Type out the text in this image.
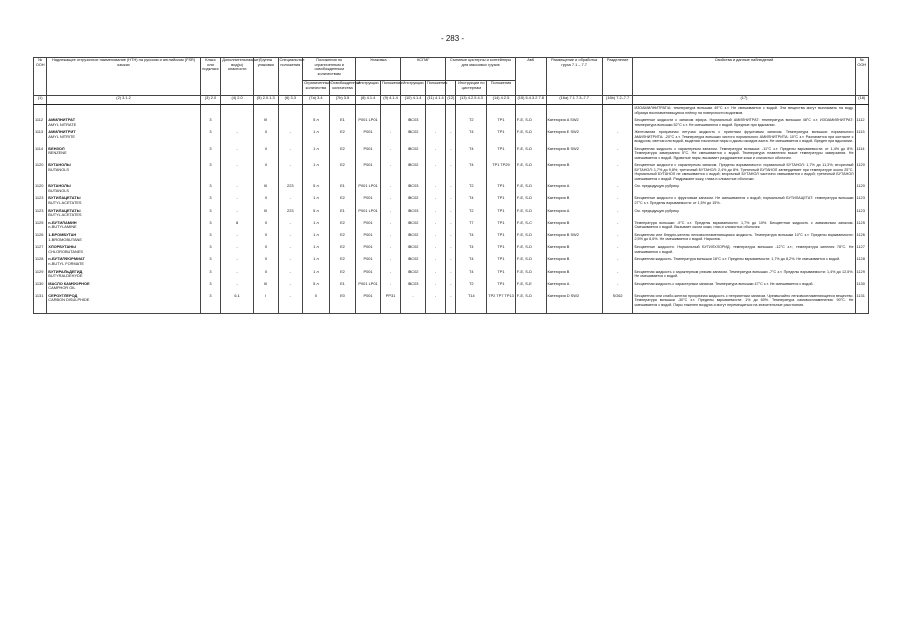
- 283 -
№ ООН	Надлежащее отгрузочное наименование (НТН) на русском и английском (FSR) языках	Класс или подкласс	Дополнительная(ые) вид(ы) опасности	Группа упаковки	Специальные положения	Положения по ограниченным и освобожденным количествам		Упаковка		КСГМГ		Съемные цистерны и контейнеры для массовых грузов			АвК	Размещение и обработка груза 7.1 – 7.7	Разделение	Свойства и данные наблюдений	№ ООН
						Ограниченные количества	Освобожденные количества	Инструкции	Положения	Инструкции	Положения		Инструкции по цистернам	Положения					
(1)	(2) 3.1.2	(3) 2.0	(4) 2.0	(5) 2.0.1.3	(6) 3.3	(7a) 3.4	(7b) 3.5	(8) 4.1.4	(9) 4.1.4	(10) 4.1.4	(11) 4.1.4	(12)	(13) 4.2.5 4.3	(14) 4.2.5	(15) 5.4.3.2 7.8	(16a) 7.1 7.3–7.7	(16b) 7.2–7.7	(17)	(18)

																	ИЗОАМИЛНИТРАТ/А: температура вспышки 49°С з.т. Не смешивается с водой. Эти вещества могут выплывать на воду, образуя воспламеняющуюся плёнку на поверхности водоемов.	
1112	АМИЛНИТРАТ
AMYL NITRATE	3		III		5 л	E1	P001 LP01		IBC03			T2	TP1	F-E, S-D	Категория A SW2		Бесцветные жидкости с запахом эфира. Нормальный АМИЛНИТРАТ: температура вспышки 48°С з.т. ИЗОАМИЛНИТРАТ: температура вспышки 52°С з.т. Не смешиваются с водой. Вредные при вдыхании.	1112
1113	АМИЛНИТРИТ
AMYL NITRITE	3	-	II	-	1 л	E2	P001	-	IBC02	-	-	T4	TP1	F-E, S-D	Категория E SW2	-	Желтоватая прозрачная летучая жидкость с приятным фруктовым запахом. Температура вспышки: нормального АМИЛНИТРИТА: -20°С з.т. Температура вспышки чистого нормального АМИЛНИТРИТА: 10°С з.т. Разлагается при контакте с воздухом, светом или водой, выделяя токсичные пары и дымы оксидов азота. Не смешивается с водой. Вреден при вдыхании.	1113
1114	БЕНЗОЛ
BENZENE	3	-	II	-	1 л	E2	P001	-	IBC02	-	-	T4	TP1	F-E, S-D	Категория B SW2	-	Бесцветная жидкость с характерным запахом. Температура вспышки: -11°С з.т. Пределы взрываемости: от 1,4% до 8%. Температура замерзания 5°С. Не смешивается с водой. Температура плавления выше температуры замерзания. Не смешивается с водой. Ядовитые пары; вызывает раздражение кожи и слизистых оболочек.	1114
1120	БУТАНОЛЫ
BUTANOLS	3	-	II	-	1 л	E2	P001	-	IBC02	-	-	T4	TP1 TP29	F-E, S-D	Категория B	-	Бесцветные жидкости с характерным запахом. Пределы взрываемости: нормальный БУТАНОЛ: 1,7% до 11,3%; вторичный БУТАНОЛ: 1,7% до 9,8%; третичный БУТАНОЛ: 2,4% до 8%. Третичный БУТАНОЛ затвердевает при температуре около 25°С. Нормальный БУТАНОЛ не смешивается с водой; вторичный БУТАНОЛ частично смешивается с водой; третичный БУТАНОЛ смешивается с водой. Раздражают кожу, глаза и слизистые оболочки.	1120
1120	БУТАНОЛЫ
BUTANOLS	3	-	III	223	5 л	E1	P001 LP01	-	IBC03	-	-	T2	TP1	F-E, S-D	Категория A	-	См. предыдущую рубрику.	1120
1123	БУТИЛАЦЕТАТЫ
BUTYL ACETATES	3	-	II	-	1 л	E2	P001	-	IBC02	-	-	T4	TP1	F-E, S-D	Категория B	-	Бесцветные жидкости с фруктовым запахом. Не смешиваются с водой; нормальный БУТИЛАЦЕТАТ: температура вспышки 27°С з.т. Пределы взрываемости: от 1,5% до 15%.	1123
1123	БУТИЛАЦЕТАТЫ
BUTYL ACETATES	3	-	III	223	5 л	E1	P001 LP01	-	IBC03	-	-	T2	TP1	F-E, S-D	Категория A	-	См. предыдущую рубрику.	1123
1125	н-БУТИЛАМИН
n-BUTYLAMINE	3	8	II	-	1 л	E2	P001	-	IBC02	-	-	T7	TP1	F-E, S-C	Категория B	-	Температура вспышки -9°С з.т. Пределы взрываемости: 1,7% до 10%. Бесцветная жидкость с аммиачным запахом. Смешивается с водой. Вызывает ожоги кожи, глаз и слизистых оболочек.	1125
1126	1-БРОМБУТАН
1-BROMOBUTANE	3	-	II	-	1 л	E2	P001	-	IBC02	-	-	T4	TP1	F-E, S-D	Категория B SW2	-	Бесцветная или бледно-желтая легковоспламеняющаяся жидкость. Температура вспышки 10°С з.т. Пределы взрываемости: 2,5% до 6,6%. Не смешивается с водой. Наркотик.	1126
1127	ХЛОРБУТАНЫ
CHLOROBUTANES	3	-	II	-	1 л	E2	P001	-	IBC02	-	-	T4	TP1	F-E, S-D	Категория B	-	Бесцветные жидкости. Нормальный БУТИЛХЛОРИД: температура вспышки -12°С з.т.; температура кипения 78°С. Не смешиваются с водой.	1127
1128	н-БУТИЛФОРМИАТ
n-BUTYL FORMATE	3	-	II	-	1 л	E2	P001	-	IBC02	-	-	T4	TP1	F-E, S-D	Категория B	-	Бесцветная жидкость. Температура вспышки 18°С з.т. Пределы взрываемости: 1,7% до 8,2%. Не смешивается с водой.	1128
1129	БУТИРАЛЬДЕГИД
BUTYRALDEHYDE	3	-	II	-	1 л	E2	P001	-	IBC02	-	-	T4	TP1	F-E, S-D	Категория B	-	Бесцветная жидкость с характерным резким запахом. Температура вспышки -7°С з.т. Пределы взрываемости: 1,4% до 12,5%. Не смешивается с водой.	1129
1130	МАСЛО КАМФОРНОЕ
CAMPHOR OIL	3	-	III	-	5 л	E1	P001 LP01	-	IBC03	-	-	T2	TP1	F-E, S-E	Категория A	-	Бесцветная жидкость с характерным запахом. Температура вспышки 47°С з.т. Не смешивается с водой.	1130
1131	СЕРОУГЛЕРОД
CARBON DISULPHIDE	3	6.1	I	-	0	E0	P001	PP31	-	-	-	T14	TP2 TP7 TP13	F-E, S-D	Категория D SW2	SG62	Бесцветная или слабо-желтая прозрачная жидкость с неприятным запахом. Чрезвычайно легковоспламеняющееся вещество. Температура вспышки -30°С з.т. Пределы взрываемости: 1% до 60%. Температура самовоспламенения: 90°С. Не смешивается с водой. Пары тяжелее воздуха и могут перемещаться на значительные расстояния.	1131
